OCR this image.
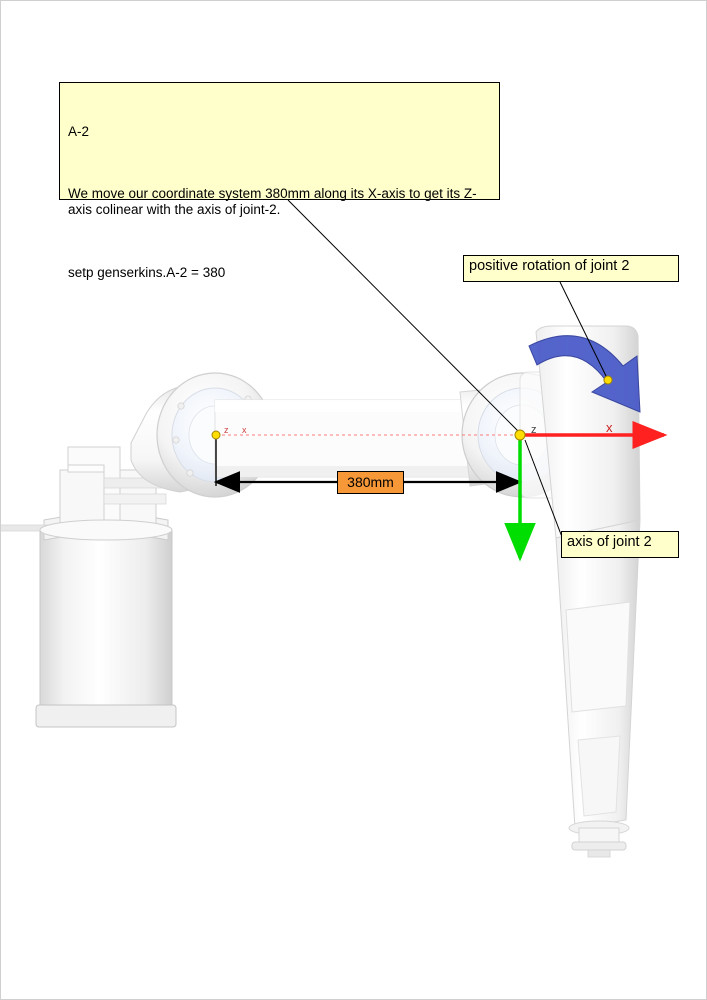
z x	z	x

A-2

We move our coordinate system 380mm along its X-axis to get its Z-axis colinear with the axis of joint-2.

setp genserkins.A-2 = 380

	positive rotation of joint 2
axis of joint 2
380mm
